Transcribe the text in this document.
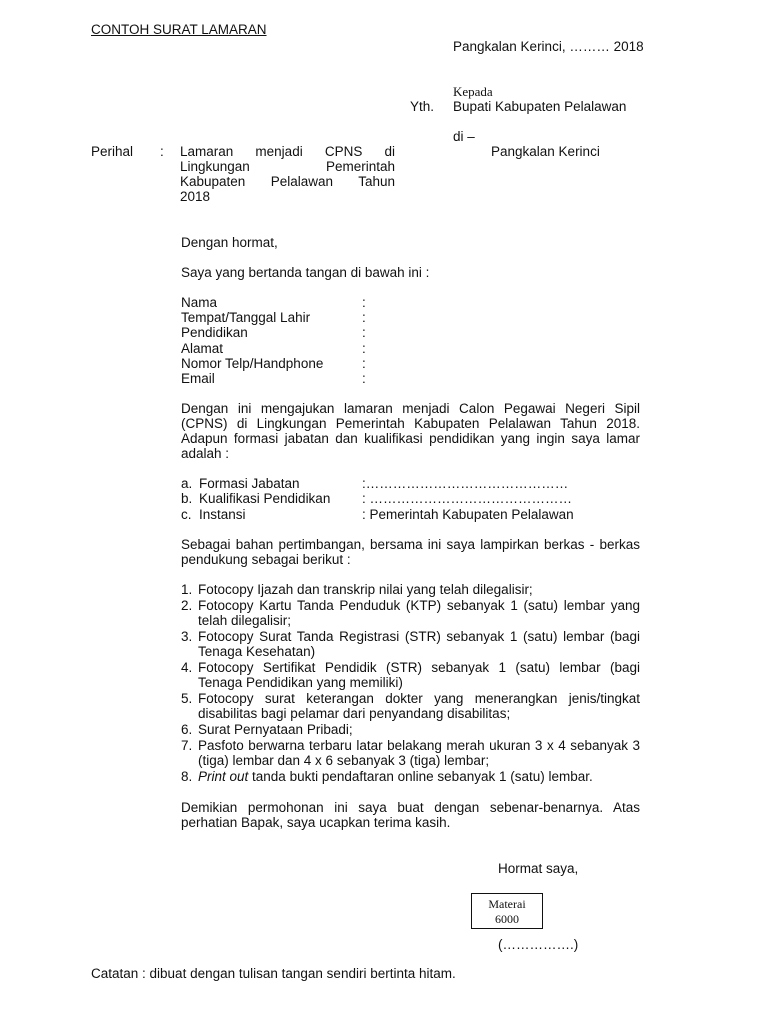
CONTOH SURAT LAMARAN
Pangkalan Kerinci, ……… 2018
Kepada
Yth. Bupati Kabupaten Pelalawan
di –
Pangkalan Kerinci
Perihal : Lamaran menjadi CPNS di
Lingkungan Pemerintah
Kabupaten Pelalawan Tahun
2018
Dengan hormat,
Saya yang bertanda tangan di bawah ini :
Nama	:
Tempat/Tanggal Lahir	:
Pendidikan	:
Alamat	:
Nomor Telp/Handphone	:
Email	:
Dengan ini mengajukan lamaran menjadi Calon Pegawai Negeri Sipil (CPNS) di Lingkungan Pemerintah Kabupaten Pelalawan Tahun 2018. Adapun formasi jabatan dan kualifikasi pendidikan yang ingin saya lamar adalah :
a. Formasi Jabatan	:………………………………………
b. Kualifikasi Pendidikan : ………………………………………
c. Instansi	: Pemerintah Kabupaten Pelalawan
Sebagai bahan pertimbangan, bersama ini saya lampirkan berkas - berkas pendukung sebagai berikut :
1. Fotocopy Ijazah dan transkrip nilai yang telah dilegalisir;
2. Fotocopy Kartu Tanda Penduduk (KTP) sebanyak 1 (satu) lembar yang telah dilegalisir;
3. Fotocopy Surat Tanda Registrasi (STR) sebanyak 1 (satu) lembar (bagi Tenaga Kesehatan)
4. Fotocopy Sertifikat Pendidik (STR) sebanyak 1 (satu) lembar (bagi Tenaga Pendidikan yang memiliki)
5. Fotocopy surat keterangan dokter yang menerangkan jenis/tingkat disabilitas bagi pelamar dari penyandang disabilitas;
6. Surat Pernyataan Pribadi;
7. Pasfoto berwarna terbaru latar belakang merah ukuran 3 x 4 sebanyak 3 (tiga) lembar dan 4 x 6 sebanyak 3 (tiga) lembar;
8. Print out tanda bukti pendaftaran online sebanyak 1 (satu) lembar.
Demikian permohonan ini saya buat dengan sebenar-benarnya. Atas perhatian Bapak, saya ucapkan terima kasih.
Hormat saya,
Materai
6000
(…………….)
Catatan : dibuat dengan tulisan tangan sendiri bertinta hitam.
